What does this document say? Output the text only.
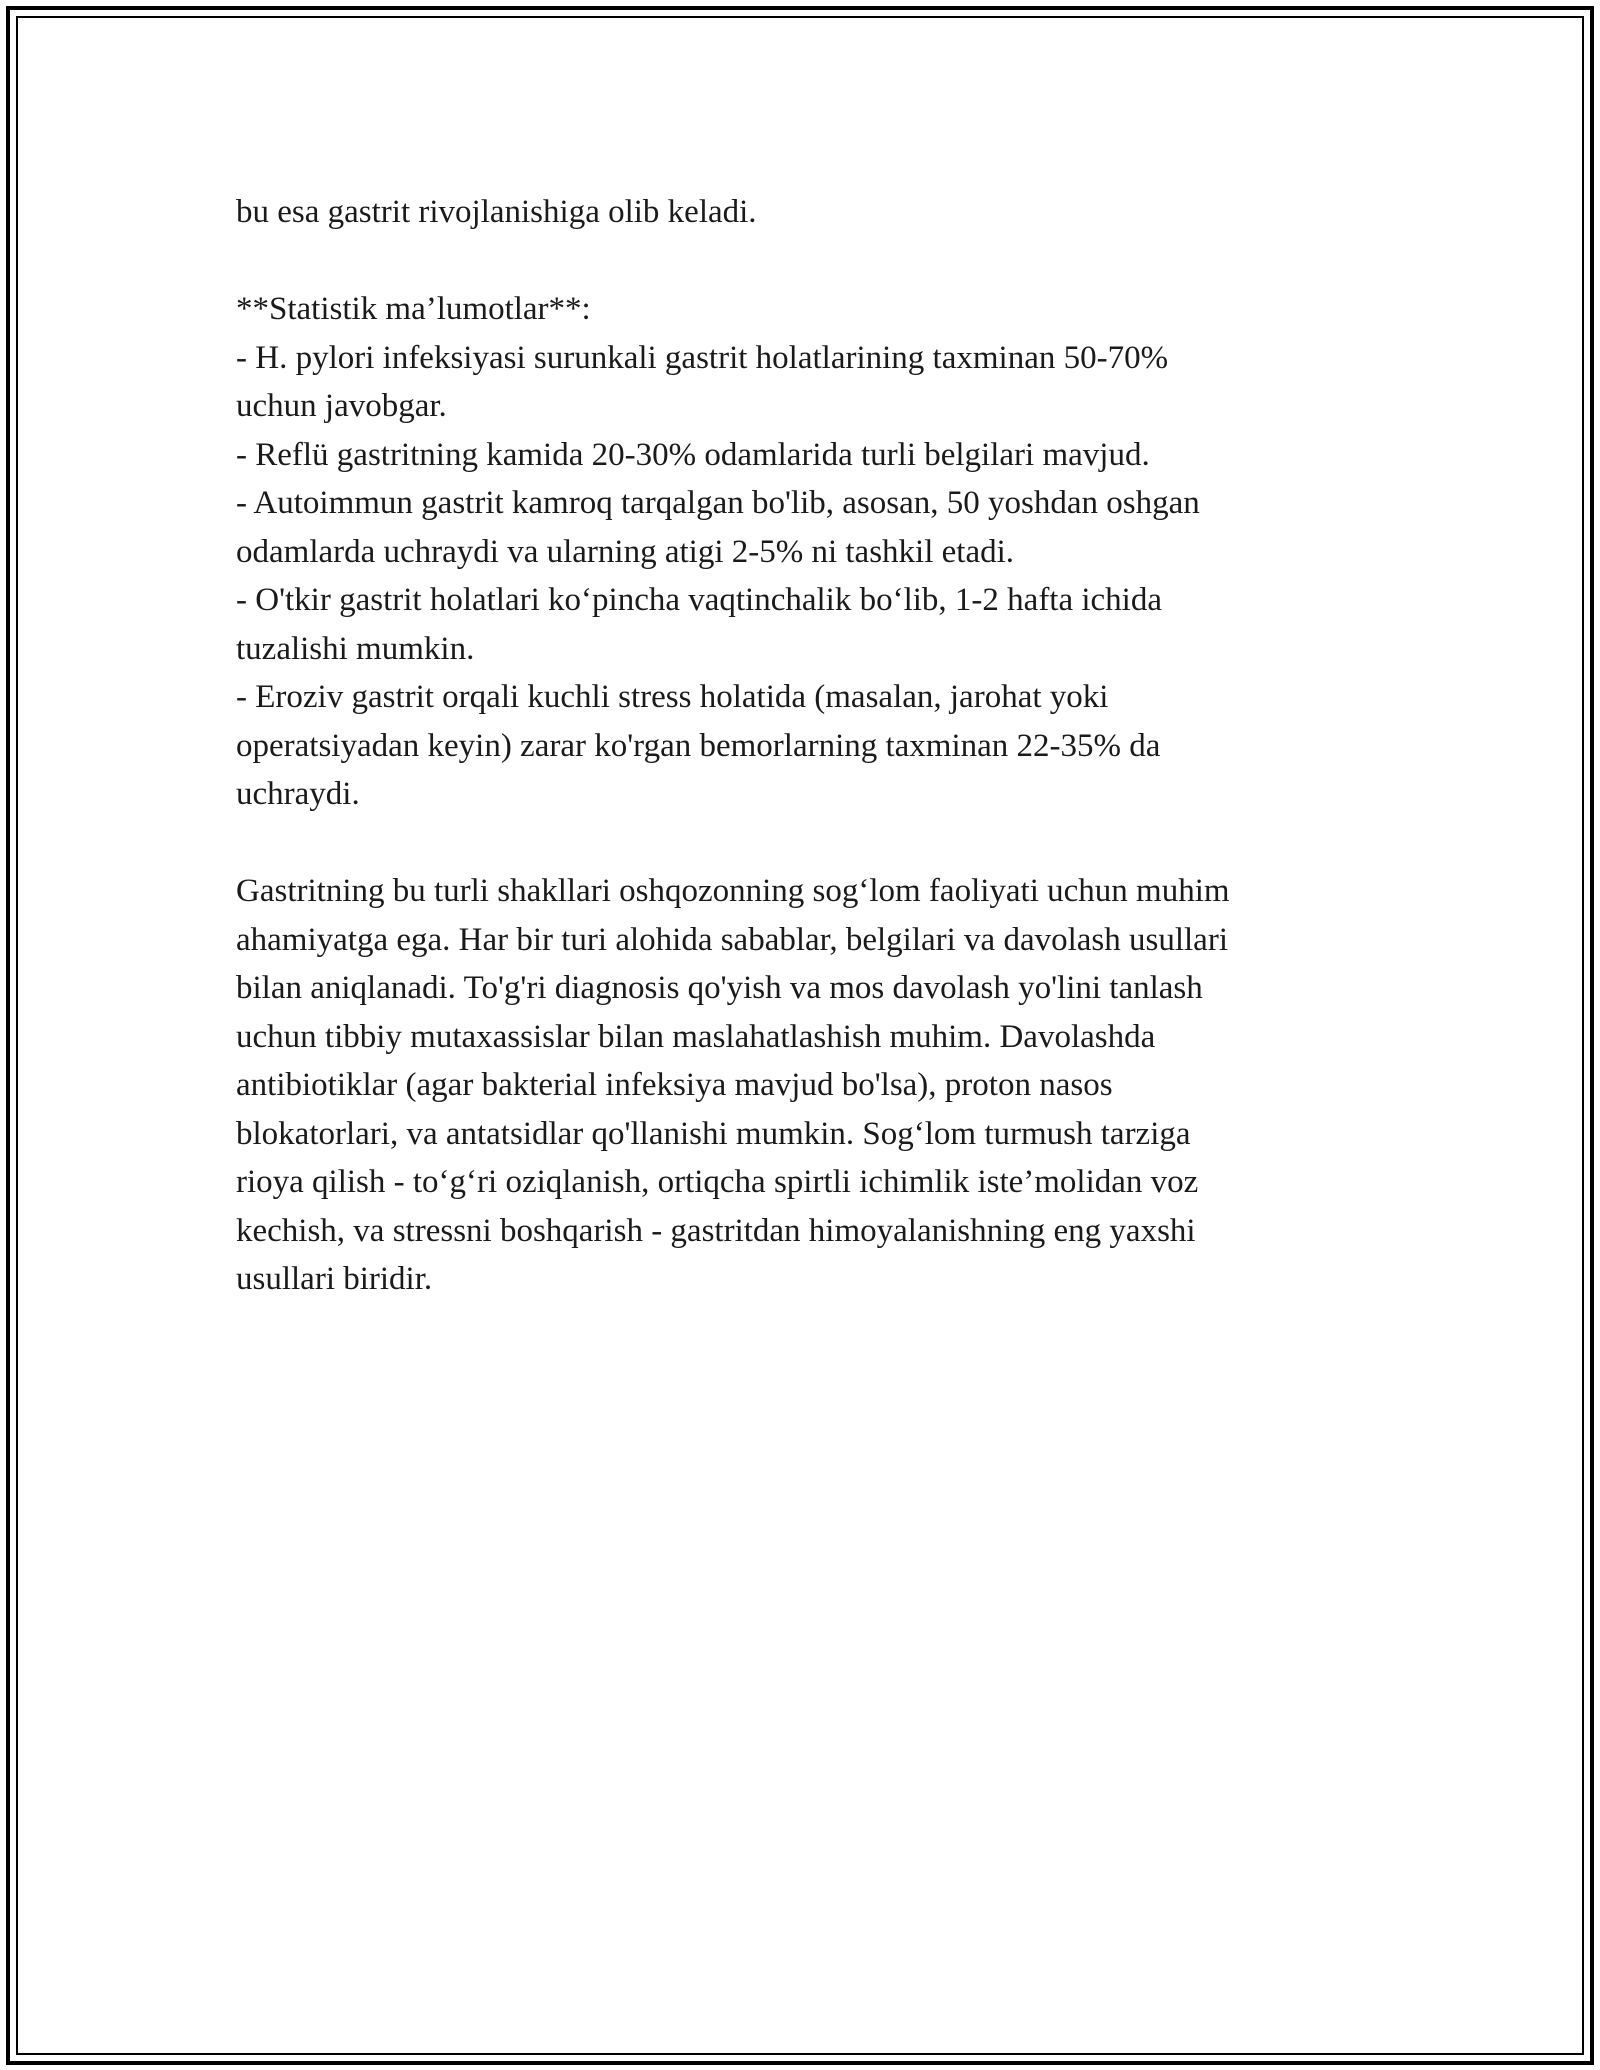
bu esa gastrit rivojlanishiga olib keladi.
**Statistik ma’lumotlar**:
- H. pylori infeksiyasi surunkali gastrit holatlarining taxminan 50-70%
uchun javobgar.
- Reflü gastritning kamida 20-30% odamlarida turli belgilari mavjud.
- Autoimmun gastrit kamroq tarqalgan bo'lib, asosan, 50 yoshdan oshgan
odamlarda uchraydi va ularning atigi 2-5% ni tashkil etadi.
- O'tkir gastrit holatlari ko‘pincha vaqtinchalik bo‘lib, 1-2 hafta ichida
tuzalishi mumkin.
- Eroziv gastrit orqali kuchli stress holatida (masalan, jarohat yoki
operatsiyadan keyin) zarar ko'rgan bemorlarning taxminan 22-35% da
uchraydi.
Gastritning bu turli shakllari oshqozonning sog‘lom faoliyati uchun muhim
ahamiyatga ega. Har bir turi alohida sabablar, belgilari va davolash usullari
bilan aniqlanadi. To'g'ri diagnosis qo'yish va mos davolash yo'lini tanlash
uchun tibbiy mutaxassislar bilan maslahatlashish muhim. Davolashda
antibiotiklar (agar bakterial infeksiya mavjud bo'lsa), proton nasos
blokatorlari, va antatsidlar qo'llanishi mumkin. Sog‘lom turmush tarziga
rioya qilish - to‘g‘ri oziqlanish, ortiqcha spirtli ichimlik iste’molidan voz
kechish, va stressni boshqarish - gastritdan himoyalanishning eng yaxshi
usullari biridir.
